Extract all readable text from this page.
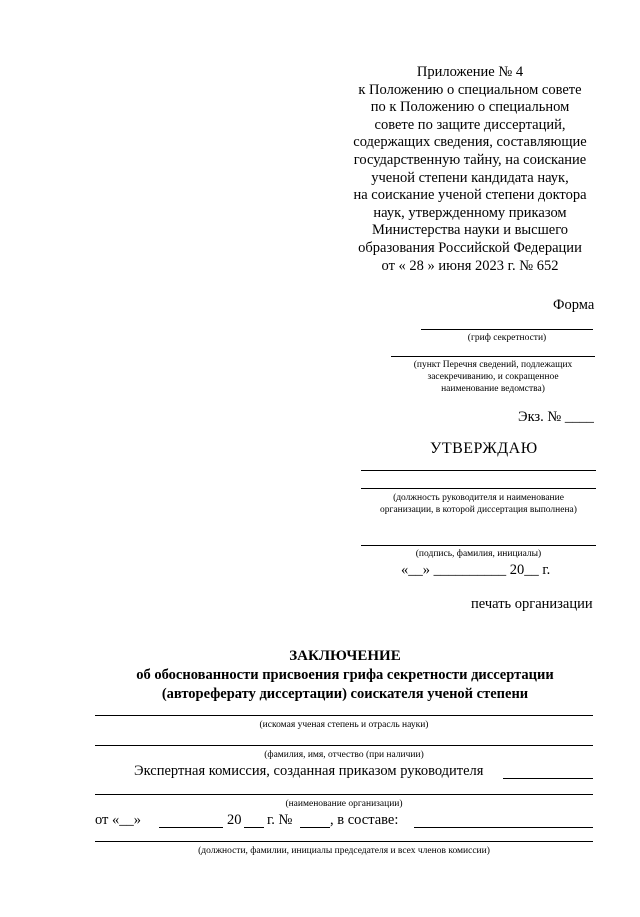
Приложение № 4
к Положению о специальном совете
по к Положению о специальном
совете по защите диссертаций,
содержащих сведения, составляющие
государственную тайну, на соискание
ученой степени кандидата наук,
на соискание ученой степени доктора
наук, утвержденному приказом
Министерства науки и высшего
образования Российской Федерации
от « 28 » июня 2023 г. № 652
Форма
(гриф секретности)
(пункт Перечня сведений, подлежащих
засекречиванию, и сокращенное
наименование ведомства)
Экз. № ____
УТВЕРЖДАЮ
(должность руководителя и наименование
организации, в которой диссертация выполнена)
(подпись, фамилия, инициалы)
«__» __________ 20__ г.
печать организации
ЗАКЛЮЧЕНИЕ
об обоснованности присвоения грифа секретности диссертации
(автореферату диссертации) соискателя ученой степени
(искомая ученая степень и отрасль науки)
(фамилия, имя, отчество (при наличии)
Экспертная комиссия, созданная приказом руководителя
(наименование организации)
от «__»	20 г. №	, в составе:
(должности, фамилии, инициалы председателя и всех членов комиссии)
